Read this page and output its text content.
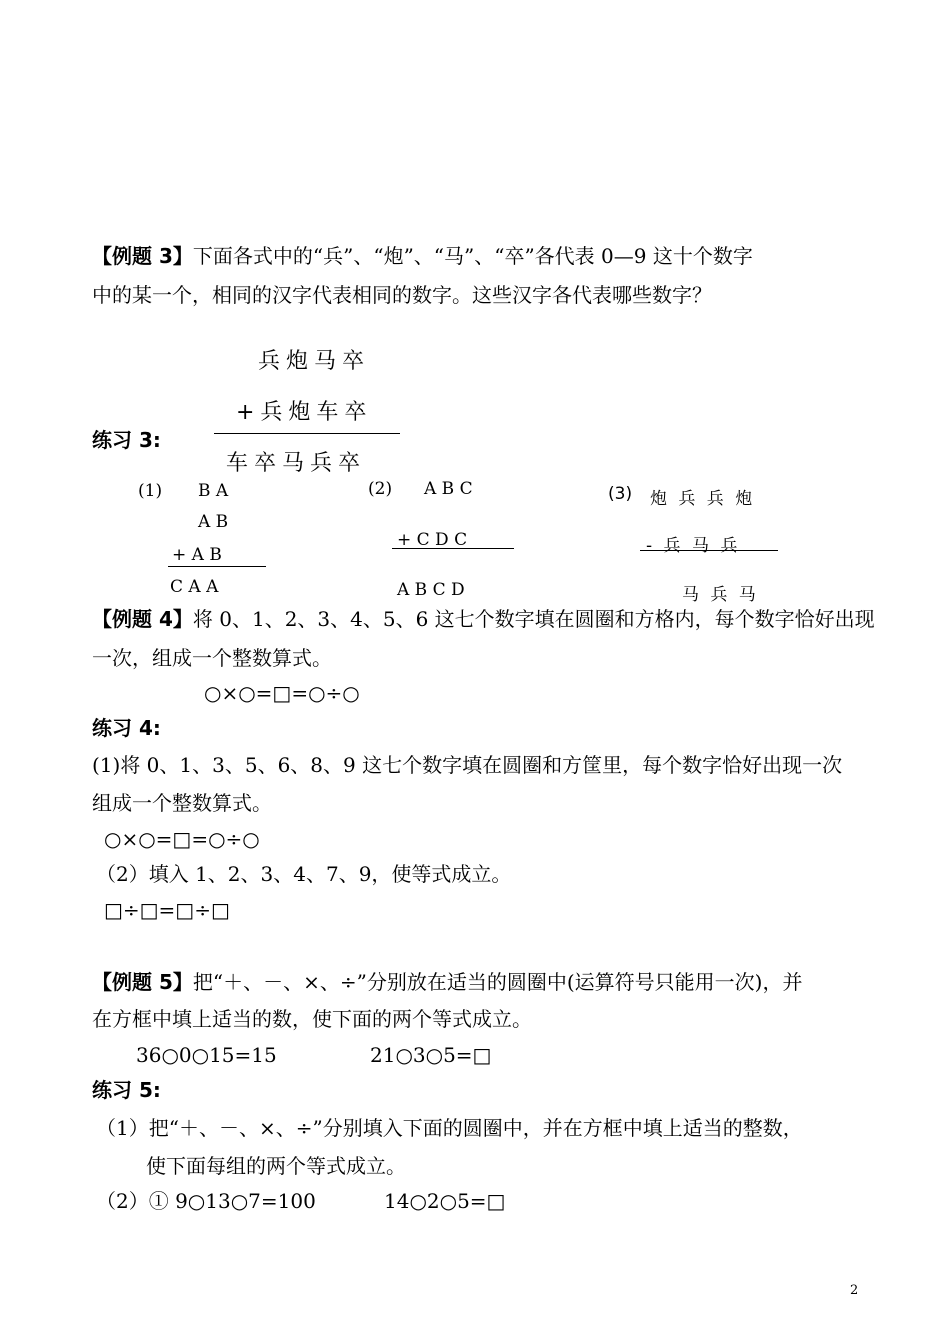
【例题 3】下面各式中的“兵”、“炮”、“马”、“卒”各代表 0—9 这十个数字
中的某一个，相同的汉字代表相同的数字。这些汉字各代表哪些数字？
兵炮马卒
+兵炮车卒
车卒马兵卒
练习 3:
(1) B A
A B
+ A B
C A A
(2) A B C
+ C D C
A B C D
(3) 炮 兵 兵 炮
- 兵 马 兵
马 兵 马
【例题 4】将 0、1、2、3、4、5、6 这七个数字填在圆圈和方格内，每个数字恰好出现
一次，组成一个整数算式。
○×○=□=○÷○
练习 4:
(1)将 0、1、3、5、6、8、9 这七个数字填在圆圈和方筐里，每个数字恰好出现一次
组成一个整数算式。
○×○=□=○÷○
（2）填入 1、2、3、4、7、9，使等式成立。
□÷□=□÷□
【例题 5】把“＋、－、×、÷”分别放在适当的圆圈中(运算符号只能用一次)，并
在方框中填上适当的数，使下面的两个等式成立。
36○0○15=15	21○3○5=□
练习 5:
（1）把“＋、－、×、÷”分别填入下面的圆圈中，并在方框中填上适当的整数，
使下面每组的两个等式成立。
（2）① 9○13○7=100	14○2○5=□
2
